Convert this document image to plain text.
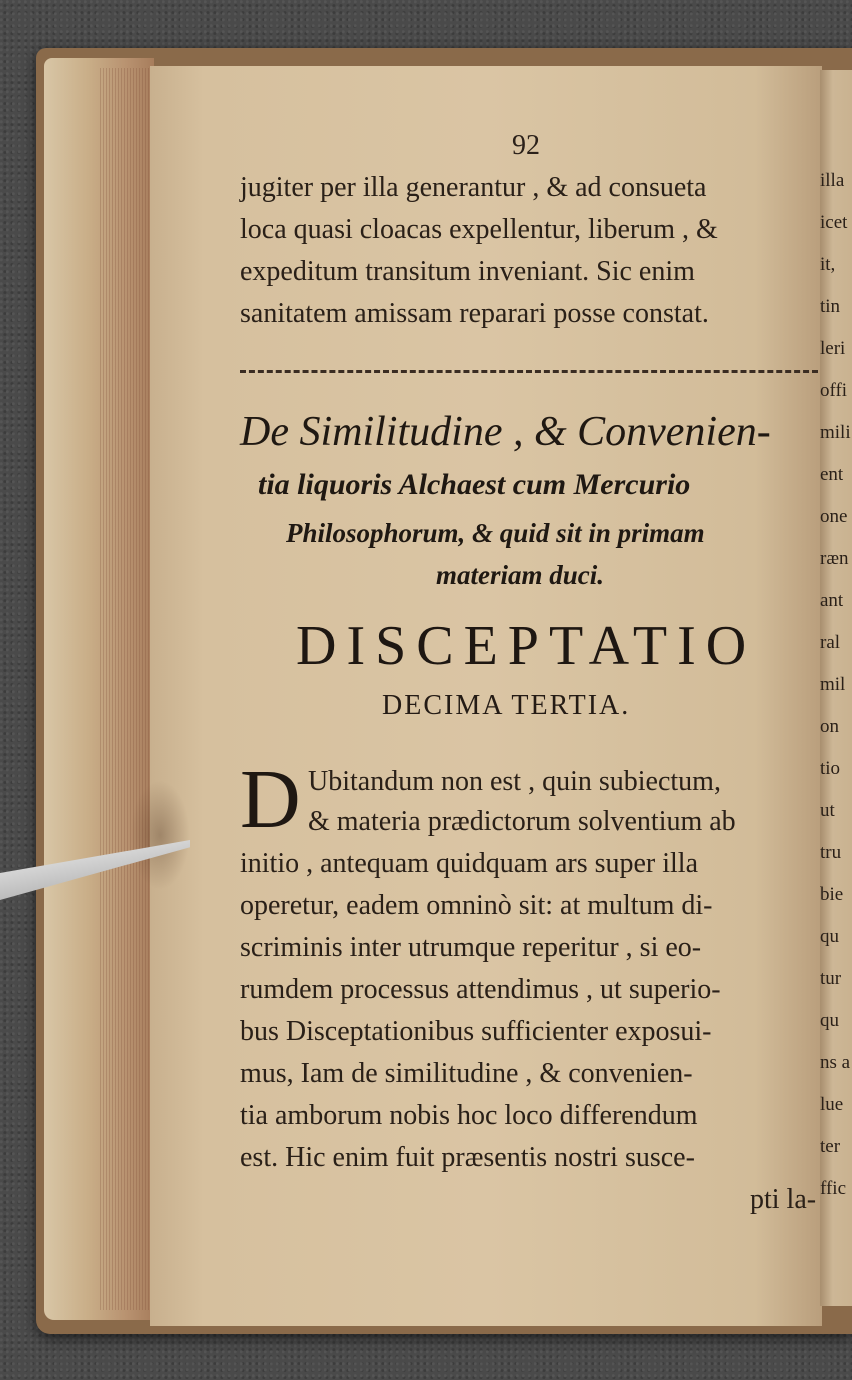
illa
icet
it,
tin
leri
offi
mili
ent
one
ræn
ant
ral
mil
on
tio
ut
tru
bie
qu
tur
qu
ns a
lue
ter
ffic
92
jugiter per illa generantur , & ad consueta
loca quasi cloacas expellentur, liberum , &
expeditum transitum inveniant. Sic enim
sanitatem amissam reparari posse constat.
De Similitudine , & Convenien-
tia liquoris Alchaest cum Mercurio
Philosophorum, & quid sit in primam
materiam duci.
DISCEPTATIO
DECIMA TERTIA.
D Ubitandum non est , quin subiectum,
& materia prædictorum solventium ab
initio , antequam quidquam ars super illa
operetur, eadem omninò sit: at multum di-
scriminis inter utrumque reperitur , si eo-
rumdem processus attendimus , ut superio-
bus Disceptationibus sufficienter exposui-
mus, Iam de similitudine , & convenien-
tia amborum nobis hoc loco differendum
est. Hic enim fuit præsentis nostri susce-
pti la-
